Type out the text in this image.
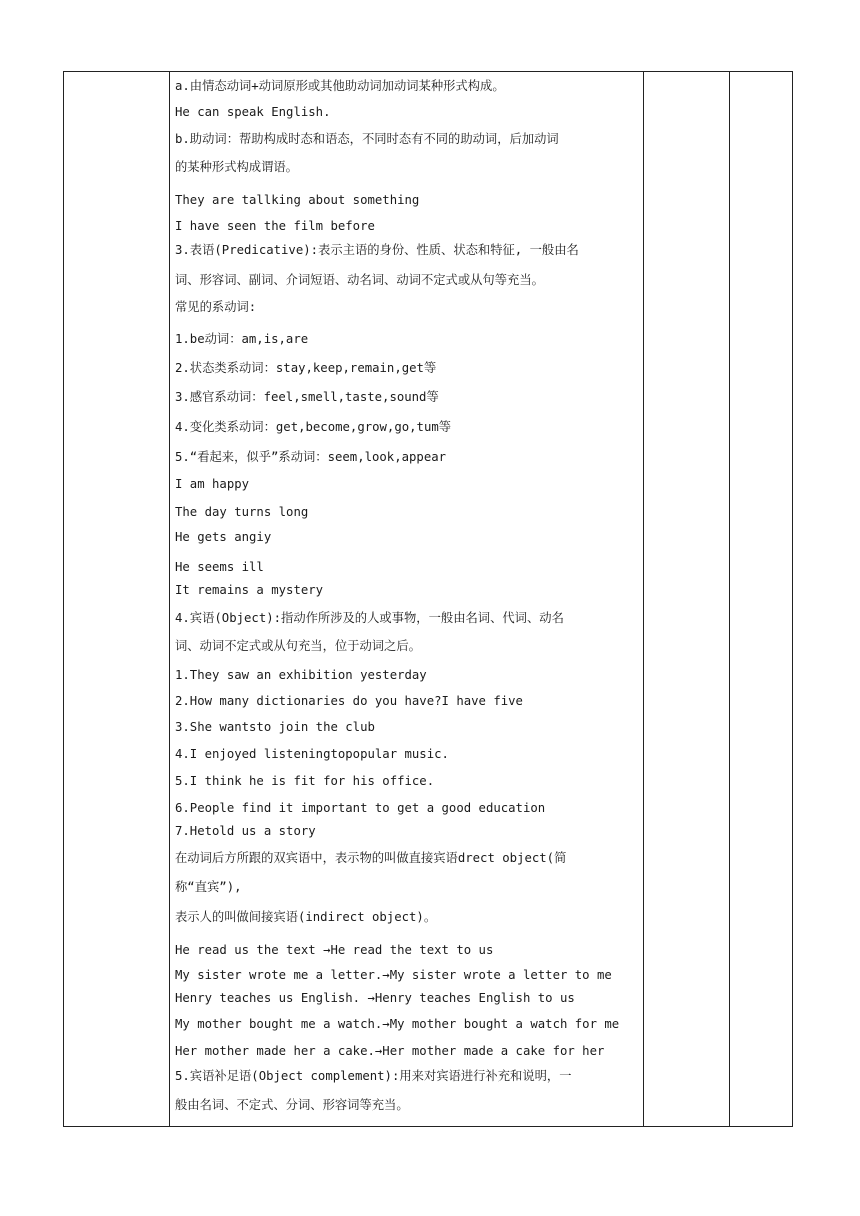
a.由情态动词+动词原形或其他助动词加动词某种形式构成。
He can speak English.
b.助动词：帮助构成时态和语态，不同时态有不同的助动词，后加动词
的某种形式构成谓语。
They are tallking about something
I have seen the film before
3.表语(Predicative):表示主语的身份、性质、状态和特征, 一般由名
词、形容词、副词、介词短语、动名词、动词不定式或从句等充当。
常见的系动词:
1.be动词：am,is,are
2.状态类系动词：stay,keep,remain,get等
3.感官系动词：feel,smell,taste,sound等
4.变化类系动词：get,become,grow,go,tum等
5.“看起来，似乎”系动词：seem,look,appear
I am happy
The day turns long
He gets angiy
He seems ill
It remains a mystery
4.宾语(Object):指动作所涉及的人或事物，一般由名词、代词、动名
词、动词不定式或从句充当，位于动词之后。
1.They saw an exhibition yesterday
2.How many dictionaries do you have?I have five
3.She wantsto join the club
4.I enjoyed listeningtopopular music.
5.I think he is fit for his office.
6.People find it important to get a good education
7.Hetold us a story
在动词后方所跟的双宾语中，表示物的叫做直接宾语drect object(简
称“直宾”),
表示人的叫做间接宾语(indirect object)。
He read us the text →He read the text to us
My sister wrote me a letter.→My sister wrote a letter to me
Henry teaches us English. →Henry teaches English to us
My mother bought me a watch.→My mother bought a watch for me
Her mother made her a cake.→Her mother made a cake for her
5.宾语补足语(Object complement):用来对宾语进行补充和说明，一
般由名词、不定式、分词、形容词等充当。
